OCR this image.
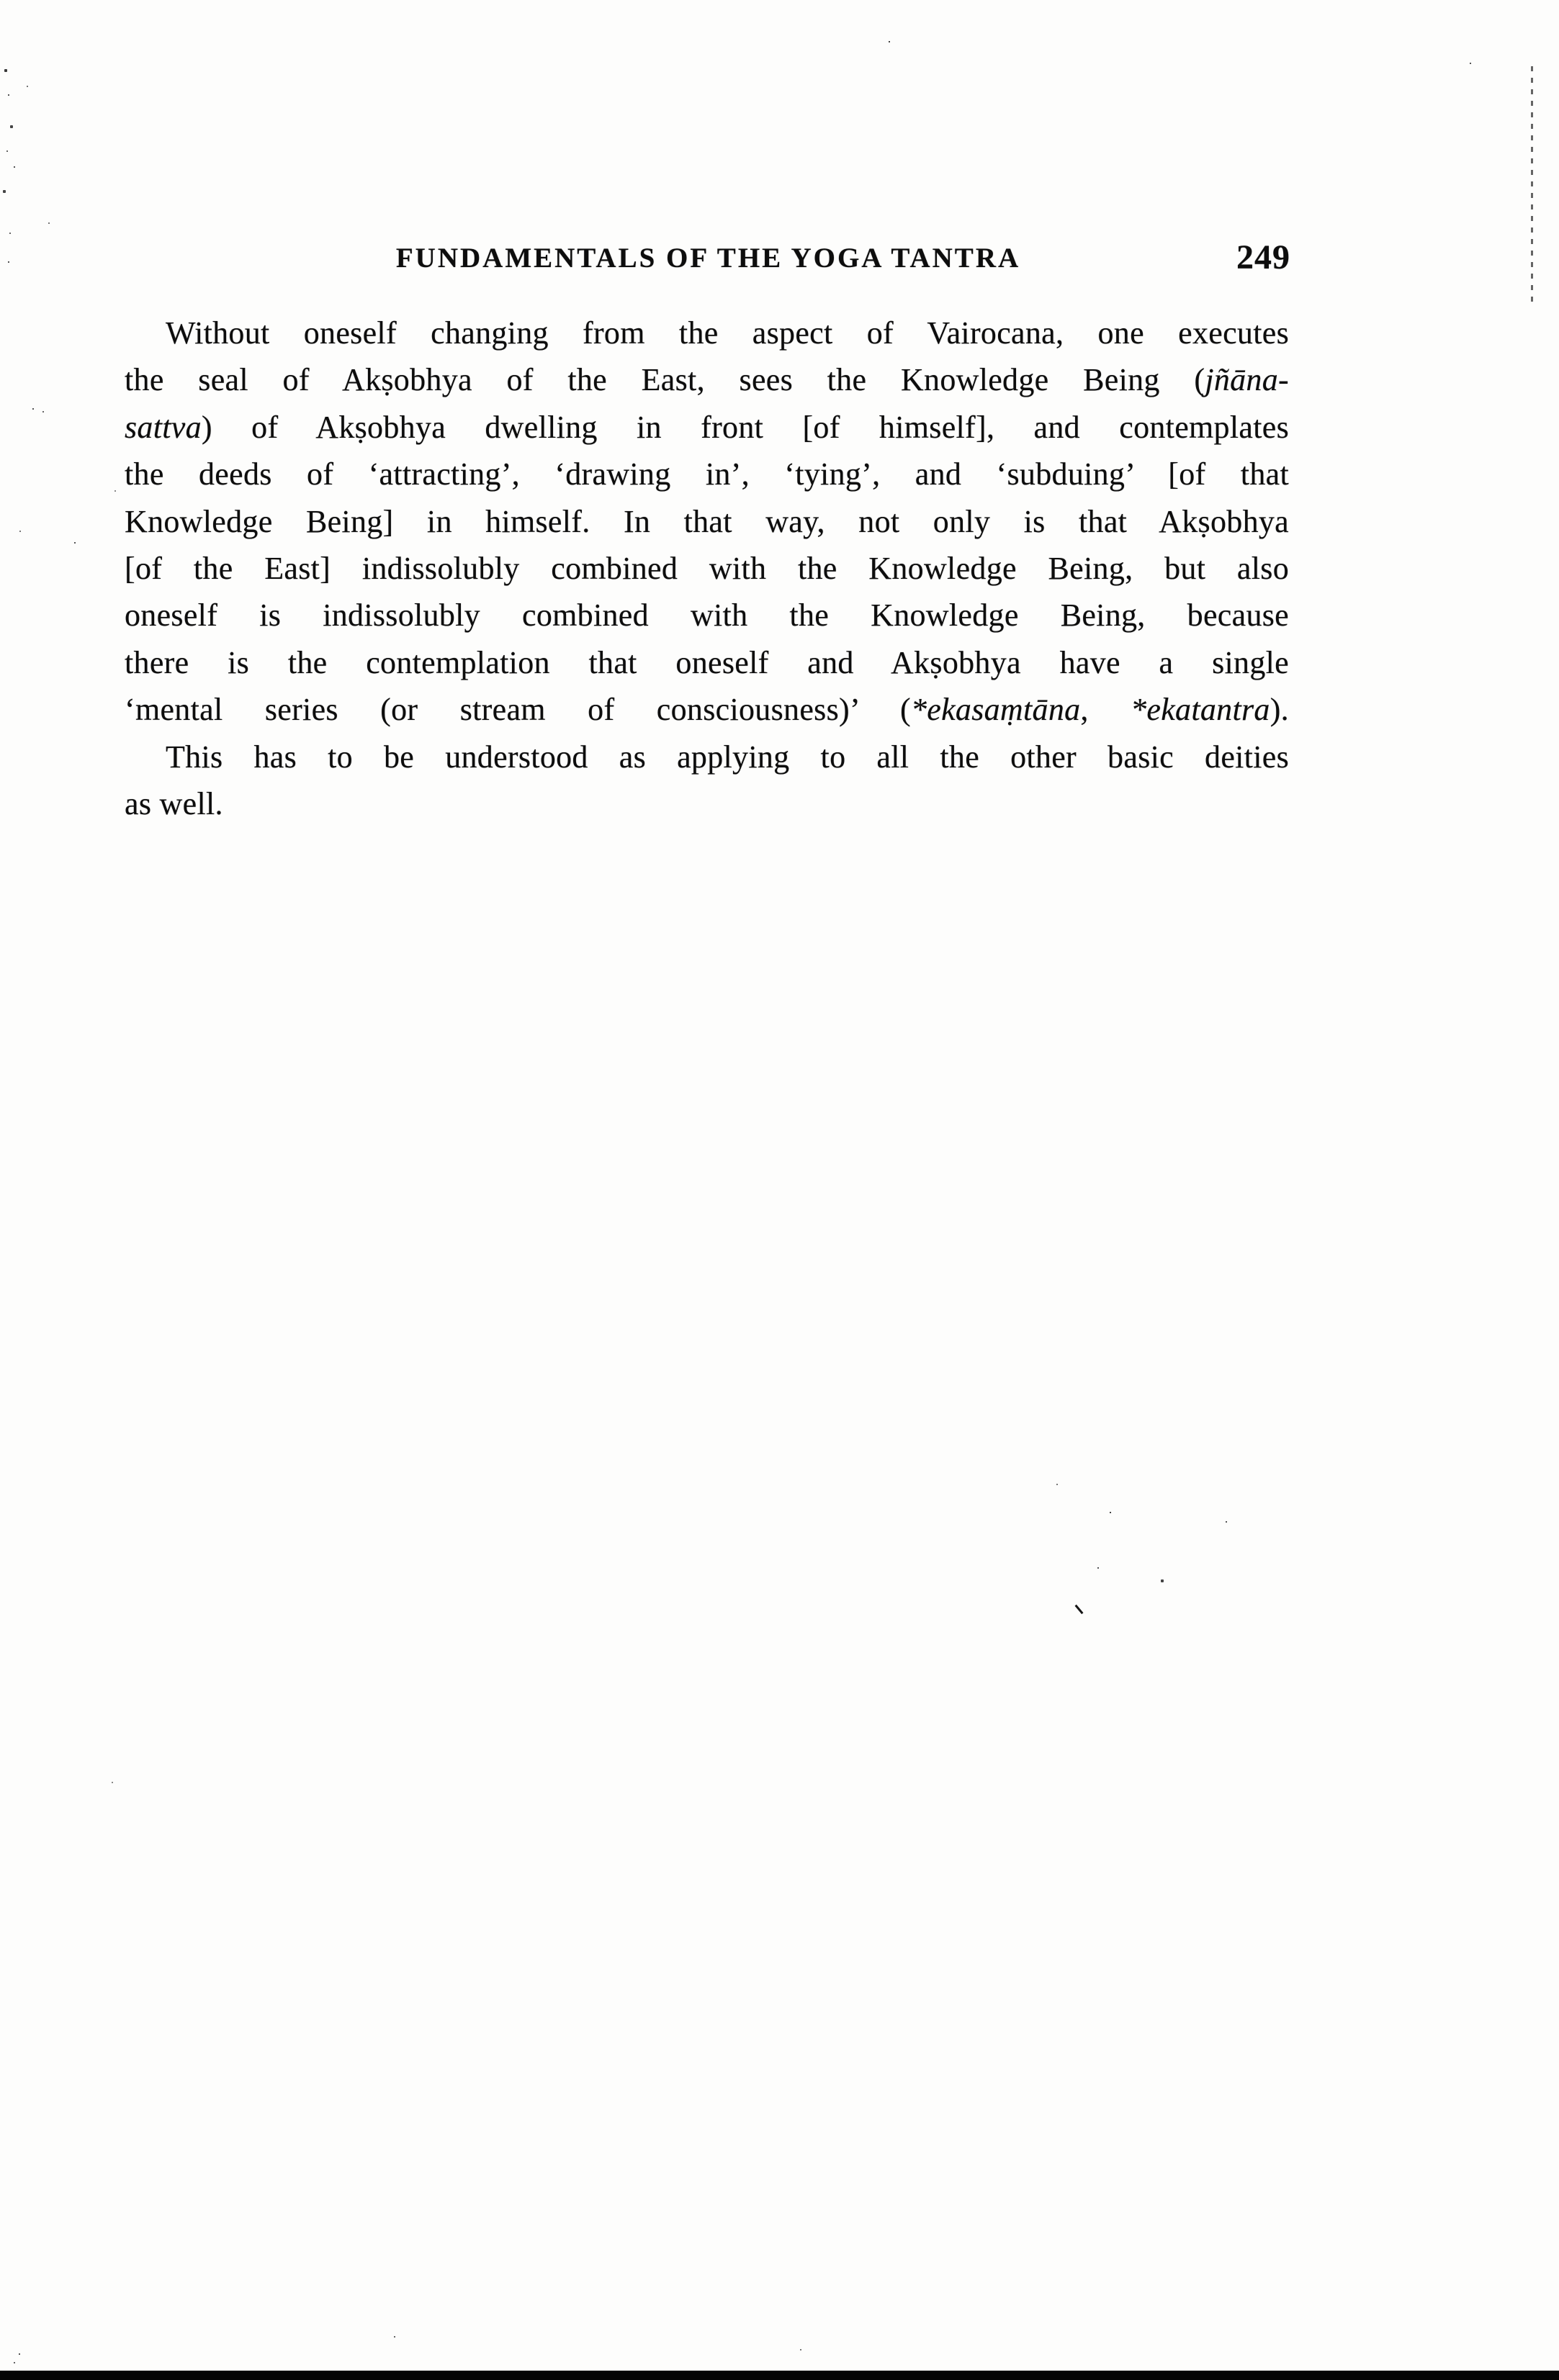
FUNDAMENTALS OF THE YOGA TANTRA	249
Without oneself changing from the aspect of Vairocana, one executes
the seal of Akṣobhya of the East, sees the Knowledge Being (jñāna-
sattva) of Akṣobhya dwelling in front [of himself], and contemplates
the deeds of ‘attracting’, ‘drawing in’, ‘tying’, and ‘subduing’ [of that
Knowledge Being] in himself. In that way, not only is that Akṣobhya
[of the East] indissolubly combined with the Knowledge Being, but also
oneself is indissolubly combined with the Knowledge Being, because
there is the contemplation that oneself and Akṣobhya have a single
‘mental series (or stream of consciousness)’ (*ekasaṃtāna, *ekatantra).
This has to be understood as applying to all the other basic deities
as well.
